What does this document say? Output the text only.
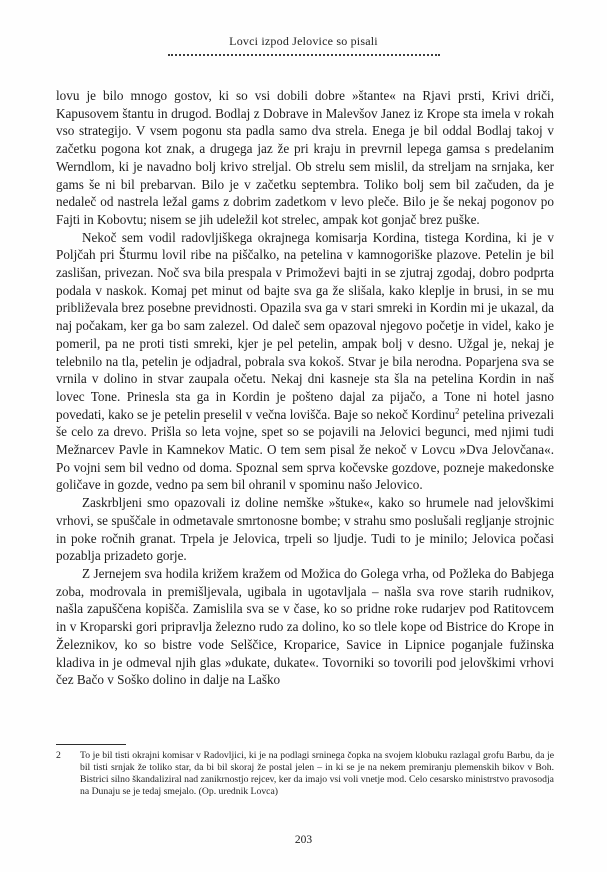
Lovci izpod Jelovice so pisali

lovu je bilo mnogo gostov, ki so vsi dobili dobre »štante« na Rjavi prsti, Krivi driči, Kapusovem štantu in drugod. Bodlaj z Dobrave in Malevšov Janez iz Krope sta imela v rokah vso strategijo. V vsem pogonu sta padla samo dva strela. Enega je bil oddal Bodlaj takoj v začetku pogona kot znak, a drugega jaz že pri kraju in prevrnil lepega gamsa s predelanim Werndlom, ki je navadno bolj krivo streljal. Ob strelu sem mislil, da streljam na srnjaka, ker gams še ni bil prebarvan. Bilo je v začetku septembra. Toliko bolj sem bil začuden, da je nedaleč od nastrela ležal gams z dobrim zadetkom v levo pleče. Bilo je še nekaj pogonov po Fajti in Kobovtu; nisem se jih udeležil kot strelec, ampak kot gonjač brez puške.

Nekoč sem vodil radovljiškega okrajnega komisarja Kordina, tistega Kordina, ki je v Poljčah pri Šturmu lovil ribe na piščalko, na petelina v kamnogoriške plazove. Petelin je bil zaslišan, privezan. Noč sva bila prespala v Primoževi bajti in se zjutraj zgodaj, dobro podprta podala v naskok. Komaj pet minut od bajte sva ga že slišala, kako kleplje in brusi, in se mu približevala brez posebne previdnosti. Opazila sva ga v stari smreki in Kordin mi je ukazal, da naj počakam, ker ga bo sam zalezel. Od daleč sem opazoval njegovo početje in videl, kako je pomeril, pa ne proti tisti smreki, kjer je pel petelin, ampak bolj v desno. Užgal je, nekaj je telebnilo na tla, petelin je odjadral, pobrala sva kokoš. Stvar je bila nerodna. Poparjena sva se vrnila v dolino in stvar zaupala očetu. Nekaj dni kasneje sta šla na petelina Kordin in naš lovec Tone. Prinesla sta ga in Kordin je pošteno dajal za pijačo, a Tone ni hotel jasno povedati, kako se je petelin preselil v večna lovišča. Baje so nekoč Kordinu$^2$ petelina privezali še celo za drevo. Prišla so leta vojne, spet so se pojavili na Jelovici begunci, med njimi tudi Mežnarcev Pavle in Kamnekov Matic. O tem sem pisal že nekoč v Lovcu »Dva Jelovčana«. Po vojni sem bil vedno od doma. Spoznal sem sprva kočevske gozdove, pozneje makedonske goličave in gozde, vedno pa sem bil ohranil v spominu našo Jelovico.

Zaskrbljeni smo opazovali iz doline nemške »štuke«, kako so hrumele nad jelovškimi vrhovi, se spuščale in odmetavale smrtonosne bombe; v strahu smo poslušali regljanje strojnic in poke ročnih granat. Trpela je Jelovica, trpeli so ljudje. Tudi to je minilo; Jelovica počasi pozablja prizadeto gorje.

Z Jernejem sva hodila križem kražem od Možica do Golega vrha, od Požleka do Babjega zoba, modrovala in premišljevala, ugibala in ugotavljala – našla sva rove starih rudnikov, našla zapuščena kopišča. Zamislila sva se v čase, ko so pridne roke rudarjev pod Ratitovcem in v Kroparski gori pripravlja železno rudo za dolino, ko so tlele kope od Bistrice do Krope in Železnikov, ko so bistre vode Selščice, Kroparice, Savice in Lipnice poganjale fužinska kladiva in je odmeval njih glas »dukate, dukate«. Tovorniki so tovorili pod jelovškimi vrhovi čez Bačo v Soško dolino in dalje na Laško

2	To je bil tisti okrajni komisar v Radovljici, ki je na podlagi srninega čopka na svojem klobuku razlagal grofu Barbu, da je bil tisti srnjak že toliko star, da bi bil skoraj že postal jelen – in ki se je na nekem premiranju plemenskih bikov v Boh. Bistrici silno škandaliziral nad zanikrnostjo rejcev, ker da imajo vsi voli vnetje mod. Celo cesarsko ministrstvo pravosodja na Dunaju se je tedaj smejalo. (Op. urednik Lovca)
203
